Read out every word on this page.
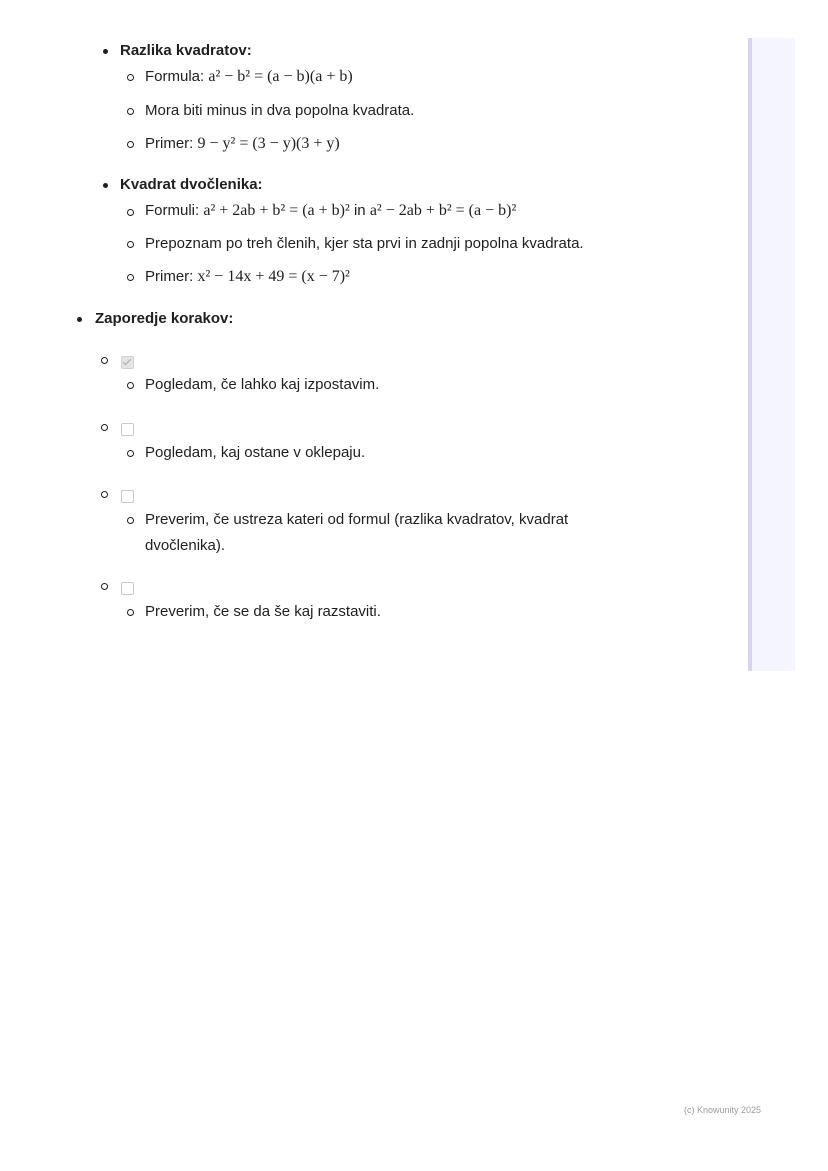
Razlika kvadratov:
Formula: a² − b² = (a − b)(a + b)
Mora biti minus in dva popolna kvadrata.
Primer: 9 − y² = (3 − y)(3 + y)
Kvadrat dvočlenika:
Formuli: a² + 2ab + b² = (a + b)² in a² − 2ab + b² = (a − b)²
Prepoznam po treh členih, kjer sta prvi in zadnji popolna kvadrata.
Primer: x² − 14x + 49 = (x − 7)²
Zaporedje korakov:
Pogledam, če lahko kaj izpostavim.
Pogledam, kaj ostane v oklepaju.
Preverim, če ustreza kateri od formul (razlika kvadratov, kvadrat
dvočlenika).
Preverim, če se da še kaj razstaviti.
(c) Knowunity 2025
